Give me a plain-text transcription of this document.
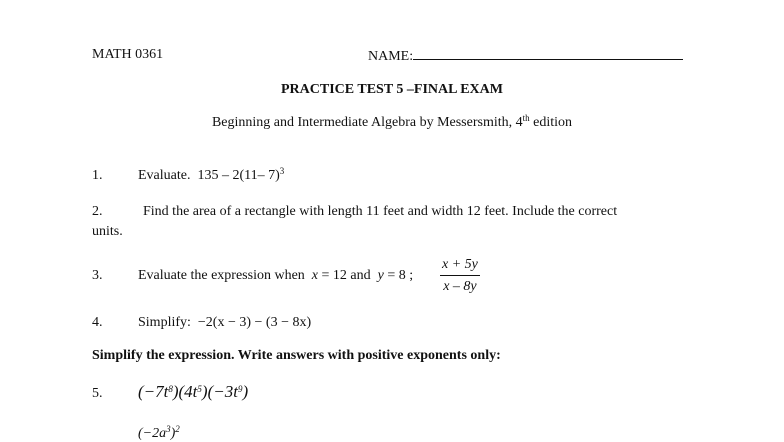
MATH 0361	NAME:
PRACTICE TEST 5 –FINAL EXAM
Beginning and Intermediate Algebra by Messersmith, 4th edition
1.	Evaluate. 135 – 2(11– 7)$^3$
2.	Find the area of a rectangle with length 11 feet and width 12 feet. Include the correct
units.
3.	Evaluate the expression when x = 12 and y = 8 ;
x + 5y
x – 8y
4.	Simplify: −2(x − 3) − (3 − 8x)
Simplify the expression. Write answers with positive exponents only:
5. $(-7t^8)(4t^5)(-3t^9)$
$(-2a^3)^2$
